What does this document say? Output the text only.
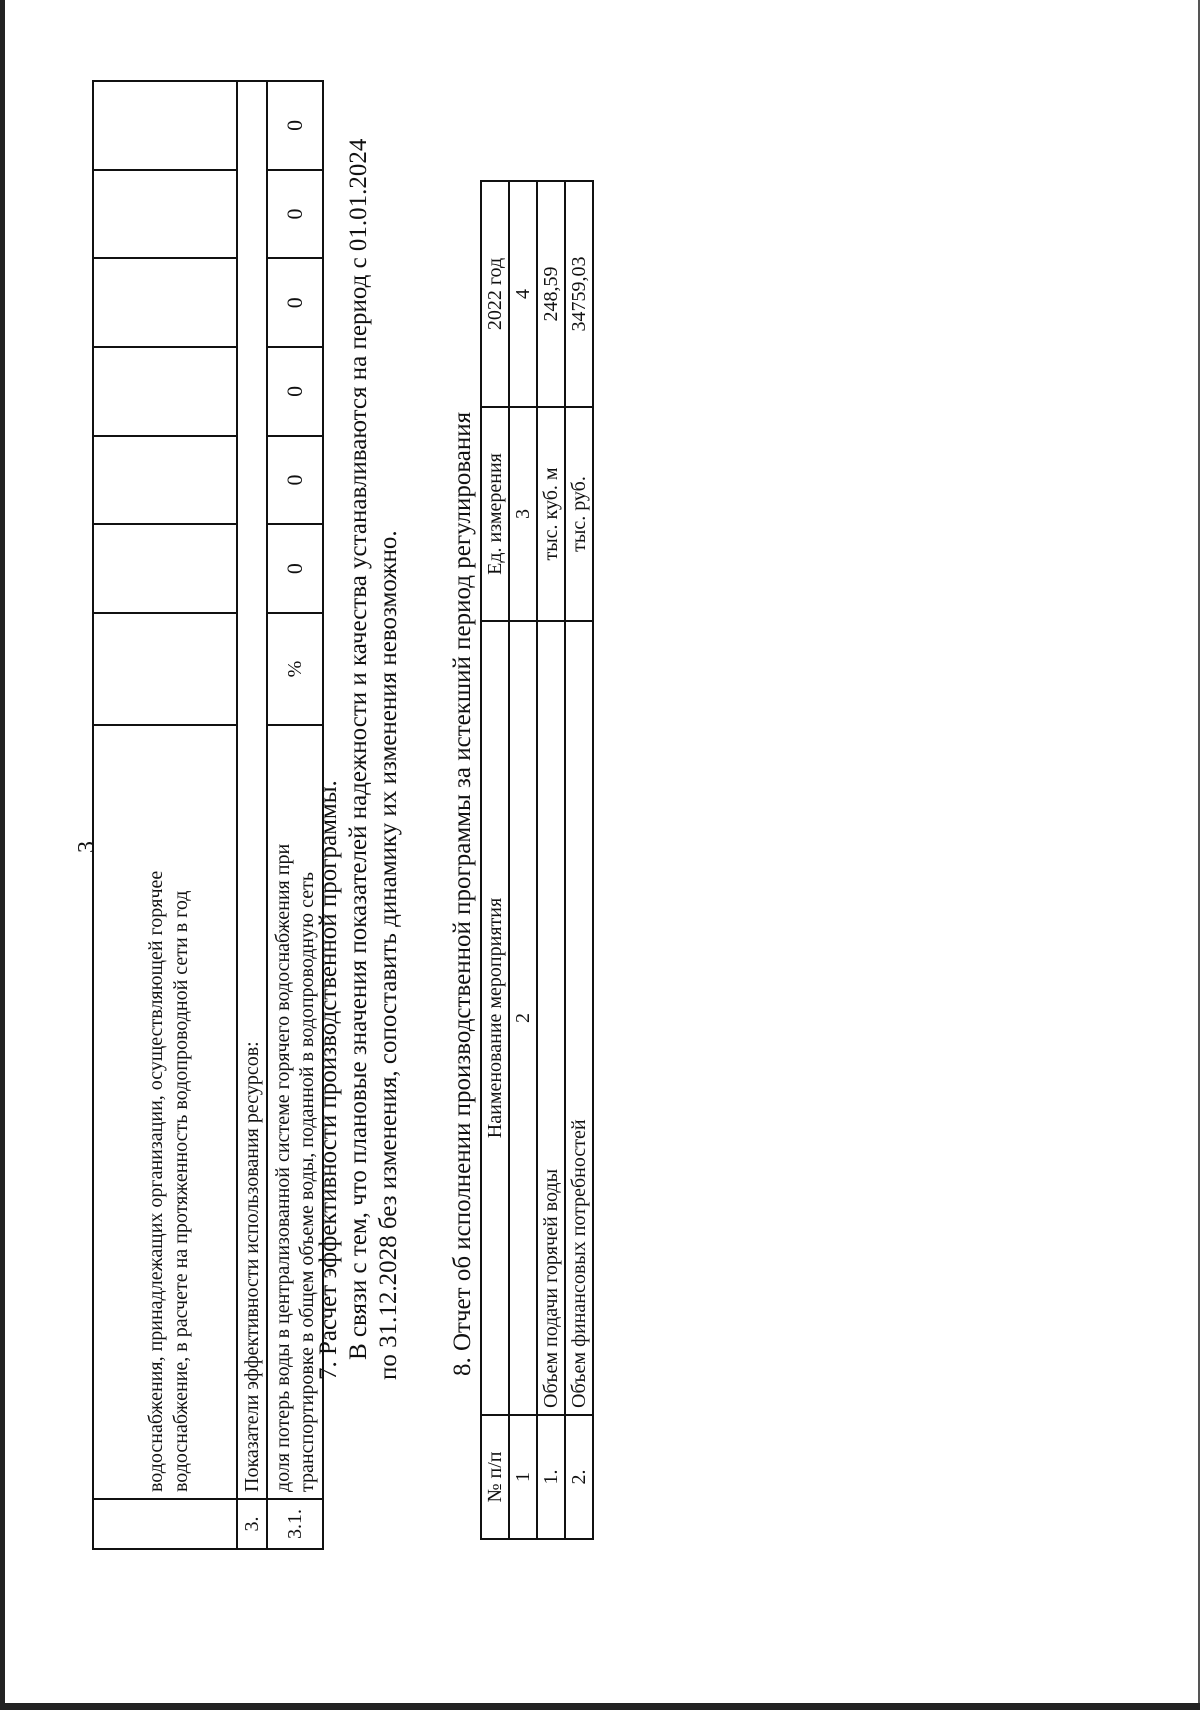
3
	водоснабжения, принадлежащих организации, осуществляющей горячее водоснабжение, в расчете на протяженность водопроводной сети в год							
3.	Показатели эффективности использования ресурсов:							
3.1.	доля потерь воды в централизованной системе горячего водоснабжения при транспортировке в общем объеме воды, поданной в водопроводную сеть	%	0	0	0	0	0	0
7. Расчет эффективности производственной программы. В связи с тем, что плановые значения показателей надежности и качества устанавливаются на период с 01.01.2024 по 31.12.2028 без изменения, сопоставить динамику их изменения невозможно. 8. Отчет об исполнении производственной программы за истекший период регулирования
№ п/п	Наименование мероприятия	Ед. измерения	2022 год
1	2	3	4
1.	Объем подачи горячей воды	тыс. куб. м	248,59
2.	Объем финансовых потребностей	тыс. руб.	34759,03
